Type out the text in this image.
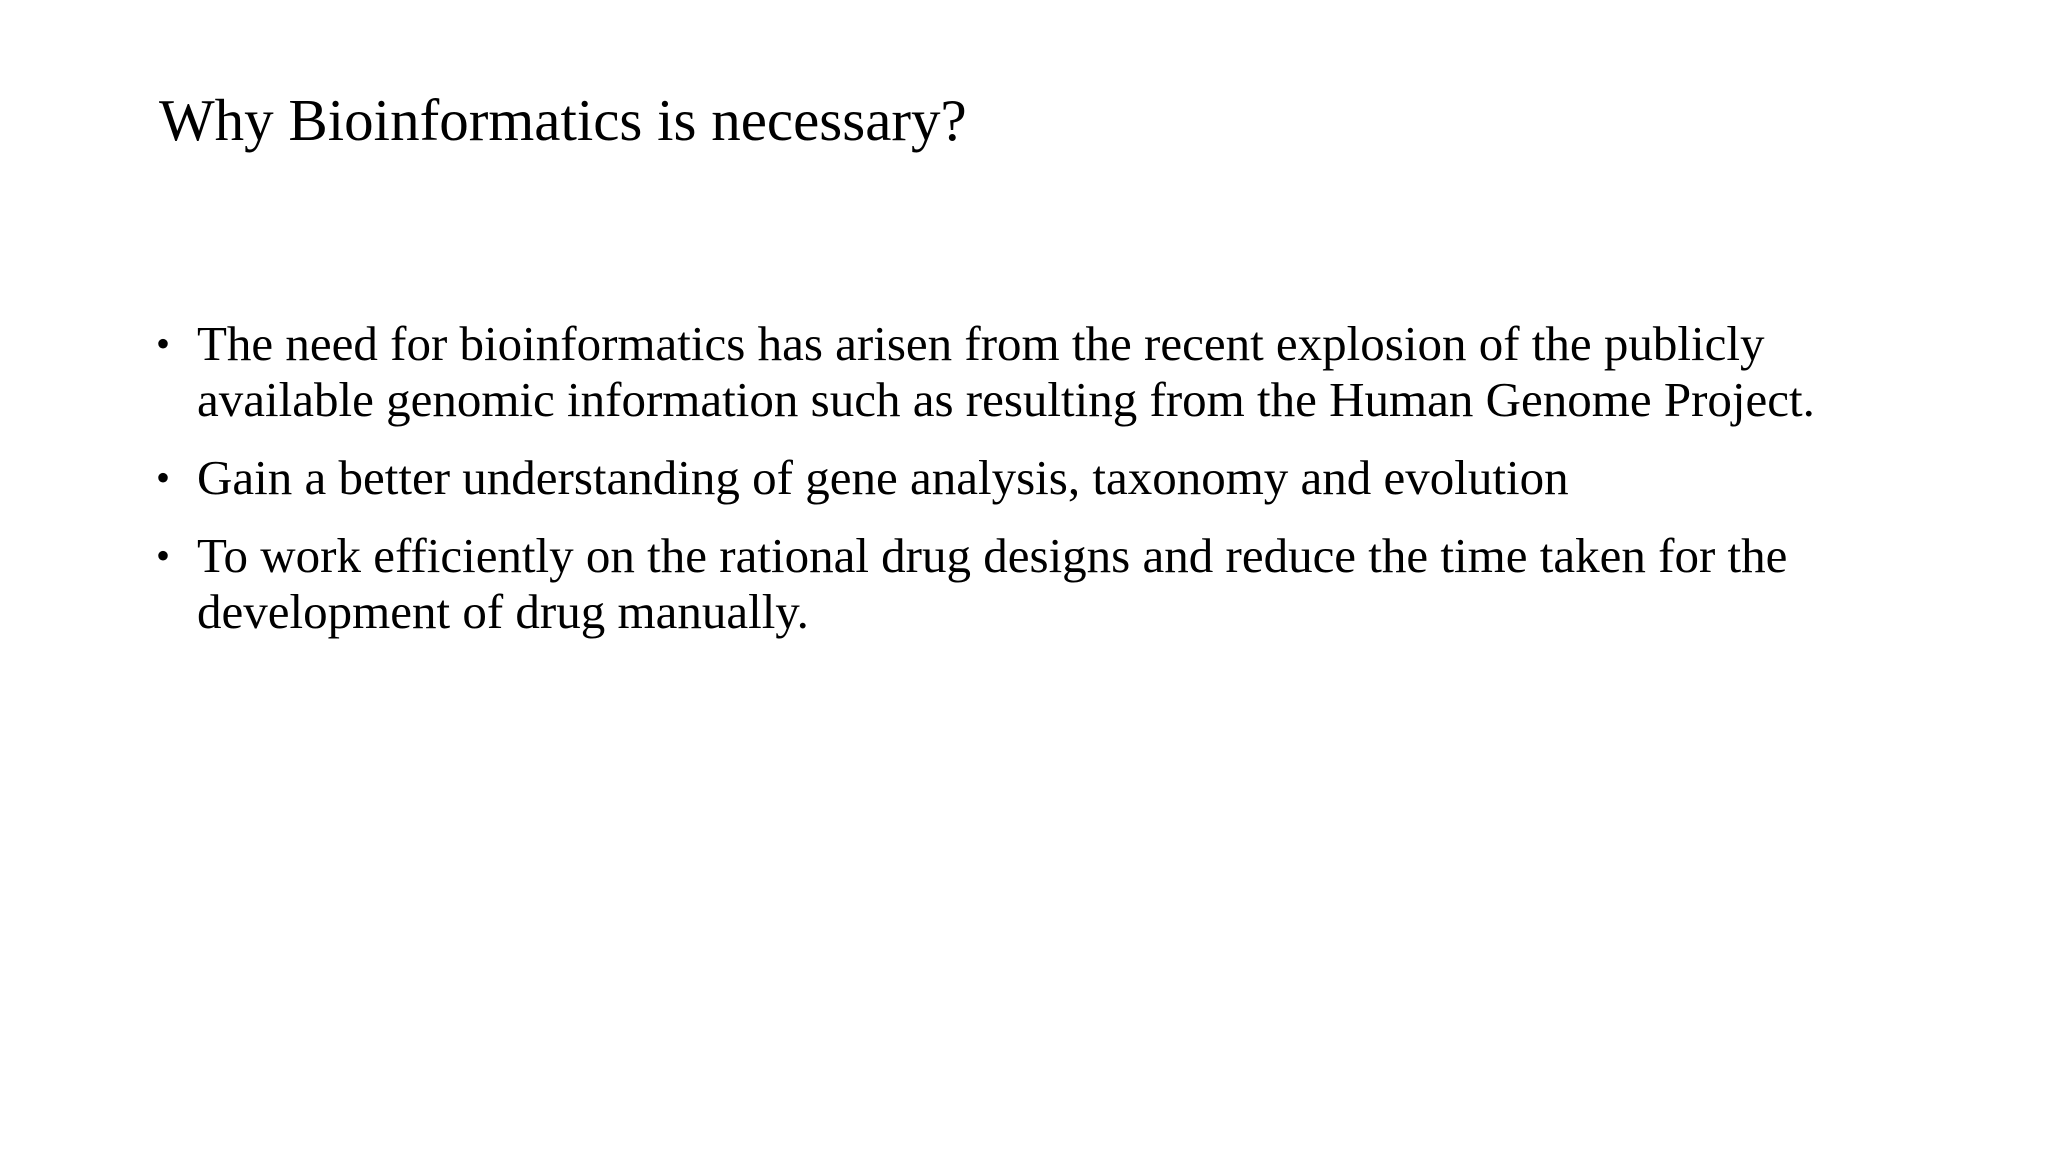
Why Bioinformatics is necessary?
• The need for bioinformatics has arisen from the recent explosion of the publicly available genomic information such as resulting from the Human Genome Project.
• Gain a better understanding of gene analysis, taxonomy and evolution
• To work efficiently on the rational drug designs and reduce the time taken for the development of drug manually.
